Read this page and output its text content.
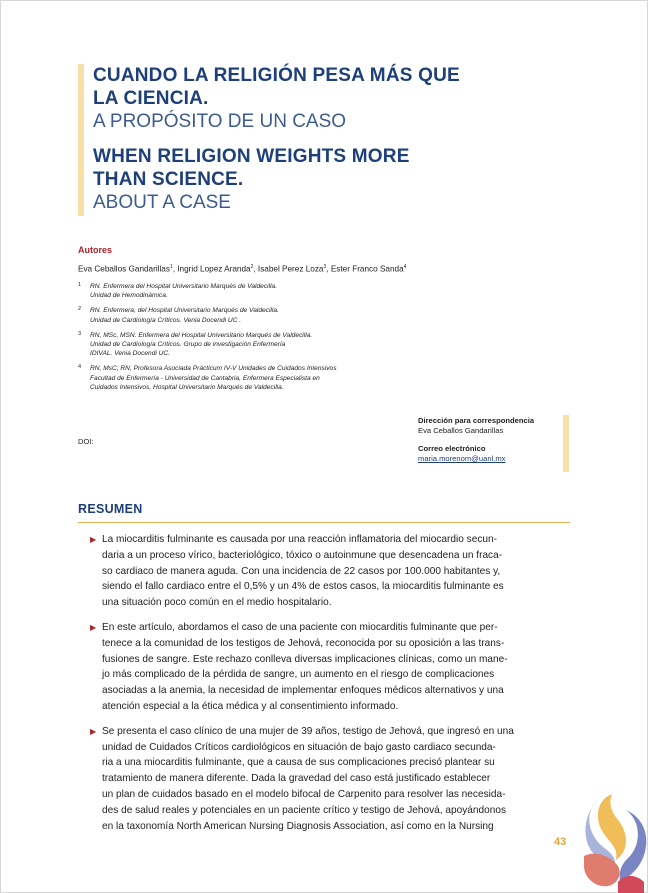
CUANDO LA RELIGIÓN PESA MÁS QUE
LA CIENCIA.
A PROPÓSITO DE UN CASO
WHEN RELIGION WEIGHTS MORE
THAN SCIENCE.
ABOUT A CASE
Autores
Eva Ceballos Gandarillas$^1$, Ingrid Lopez Aranda$^2$, Isabel Perez Loza$^3$, Ester Franco Sanda$^4$
1 RN. Enfermera del Hospital Universitario Marqués de Valdecilla.
Unidad de Hemodinámica.
2 RN. Enfermera, del Hospital Universitario Marqués de Valdecilla.
Unidad de Cardiología Críticos. Venia Docendi UC .
3 RN, MSc, MSN. Enfermera del Hospital Universitario Marqués de Valdecilla.
Unidad de Cardiología Críticos. Grupo de investigación Enfermería
IDIVAL. Venia Docendi UC.
4 RN, MsC, RN, Profesora Asociada Prácticum IV-V Unidades de Cuidados Intensivos
Facultad de Enfermería - Universidad de Cantabria, Enfermera Especialista en
Cuidados Intensivos, Hospital Universitario Marqués de Valdecilla.
Dirección para correspondencia
Eva Ceballos Gandarillas
Correo electrónico
maria.morenom@uanl.mx
DOI:
RESUMEN
▶ La miocarditis fulminante es causada por una reacción inflamatoria del miocardio secun-
daria a un proceso vírico, bacteriológico, tóxico o autoinmune que desencadena un fraca-
so cardiaco de manera aguda. Con una incidencia de 22 casos por 100.000 habitantes y,
siendo el fallo cardiaco entre el 0,5% y un 4% de estos casos, la miocarditis fulminante es
una situación poco común en el medio hospitalario.
▶ En este artículo, abordamos el caso de una paciente con miocarditis fulminante que per-
tenece a la comunidad de los testigos de Jehová, reconocida por su oposición a las trans-
fusiones de sangre. Este rechazo conlleva diversas implicaciones clínicas, como un mane-
jo más complicado de la pérdida de sangre, un aumento en el riesgo de complicaciones
asociadas a la anemia, la necesidad de implementar enfoques médicos alternativos y una
atención especial a la ética médica y al consentimiento informado.
▶ Se presenta el caso clínico de una mujer de 39 años, testigo de Jehová, que ingresó en una
unidad de Cuidados Críticos cardiológicos en situación de bajo gasto cardiaco secunda-
ria a una miocarditis fulminante, que a causa de sus complicaciones precisó plantear su
tratamiento de manera diferente. Dada la gravedad del caso está justificado establecer
un plan de cuidados basado en el modelo bifocal de Carpenito para resolver las necesida-
des de salud reales y potenciales en un paciente crítico y testigo de Jehová, apoyándonos
en la taxonomía North American Nursing Diagnosis Association, así como en la Nursing
43
